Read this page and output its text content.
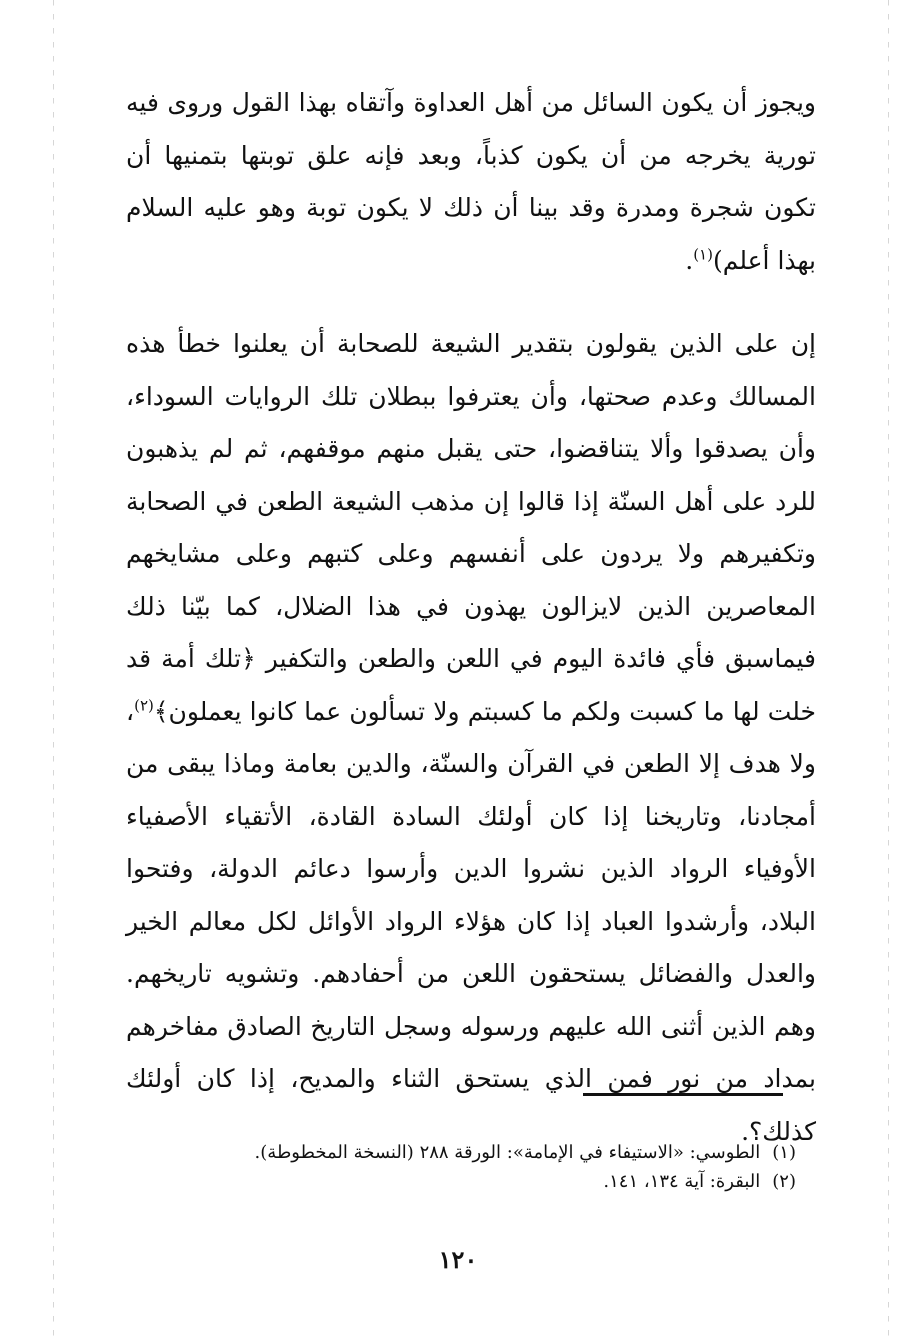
ويجوز أن يكون السائل من أهل العداوة وآتقاه بهذا القول وروى فيه تورية يخرجه من أن يكون كذباً، وبعد فإنه علق توبتها بتمنيها أن تكون شجرة ومدرة وقد بينا أن ذلك لا يكون توبة وهو عليه السلام بهذا أعلم)$^{(١)}$.

إن على الذين يقولون بتقدير الشيعة للصحابة أن يعلنوا خطأ هذه المسالك وعدم صحتها، وأن يعترفوا ببطلان تلك الروايات السوداء، وأن يصدقوا وألا يتناقضوا، حتى يقبل منهم موقفهم، ثم لم يذهبون للرد على أهل السنّة إذا قالوا إن مذهب الشيعة الطعن في الصحابة وتكفيرهم ولا يردون على أنفسهم وعلى كتبهم وعلى مشايخهم المعاصرين الذين لايزالون يهذون في هذا الضلال، كما بيّنا ذلك فيماسبق فأي فائدة اليوم في اللعن والطعن والتكفير ﴿تلك أمة قد خلت لها ما كسبت ولكم ما كسبتم ولا تسألون عما كانوا يعملون﴾$^{(٢)}$، ولا هدف إلا الطعن في القرآن والسنّة، والدين بعامة وماذا يبقى من أمجادنا، وتاريخنا إذا كان أولئك السادة القادة، الأتقياء الأصفياء الأوفياء الرواد الذين نشروا الدين وأرسوا دعائم الدولة، وفتحوا البلاد، وأرشدوا العباد إذا كان هؤلاء الرواد الأوائل لكل معالم الخير والعدل والفضائل يستحقون اللعن من أحفادهم. وتشويه تاريخهم. وهم الذين أثنى الله عليهم ورسوله وسجل التاريخ الصادق مفاخرهم بمداد من نور فمن الذي يستحق الثناء والمديح، إذا كان أولئك كذلك؟.

(١)الطوسي: «الاستيفاء في الإمامة»: الورقة ٢٨٨ (النسخة المخطوطة).
(٢)البقرة: آية ١٣٤، ١٤١.
١٢٠
